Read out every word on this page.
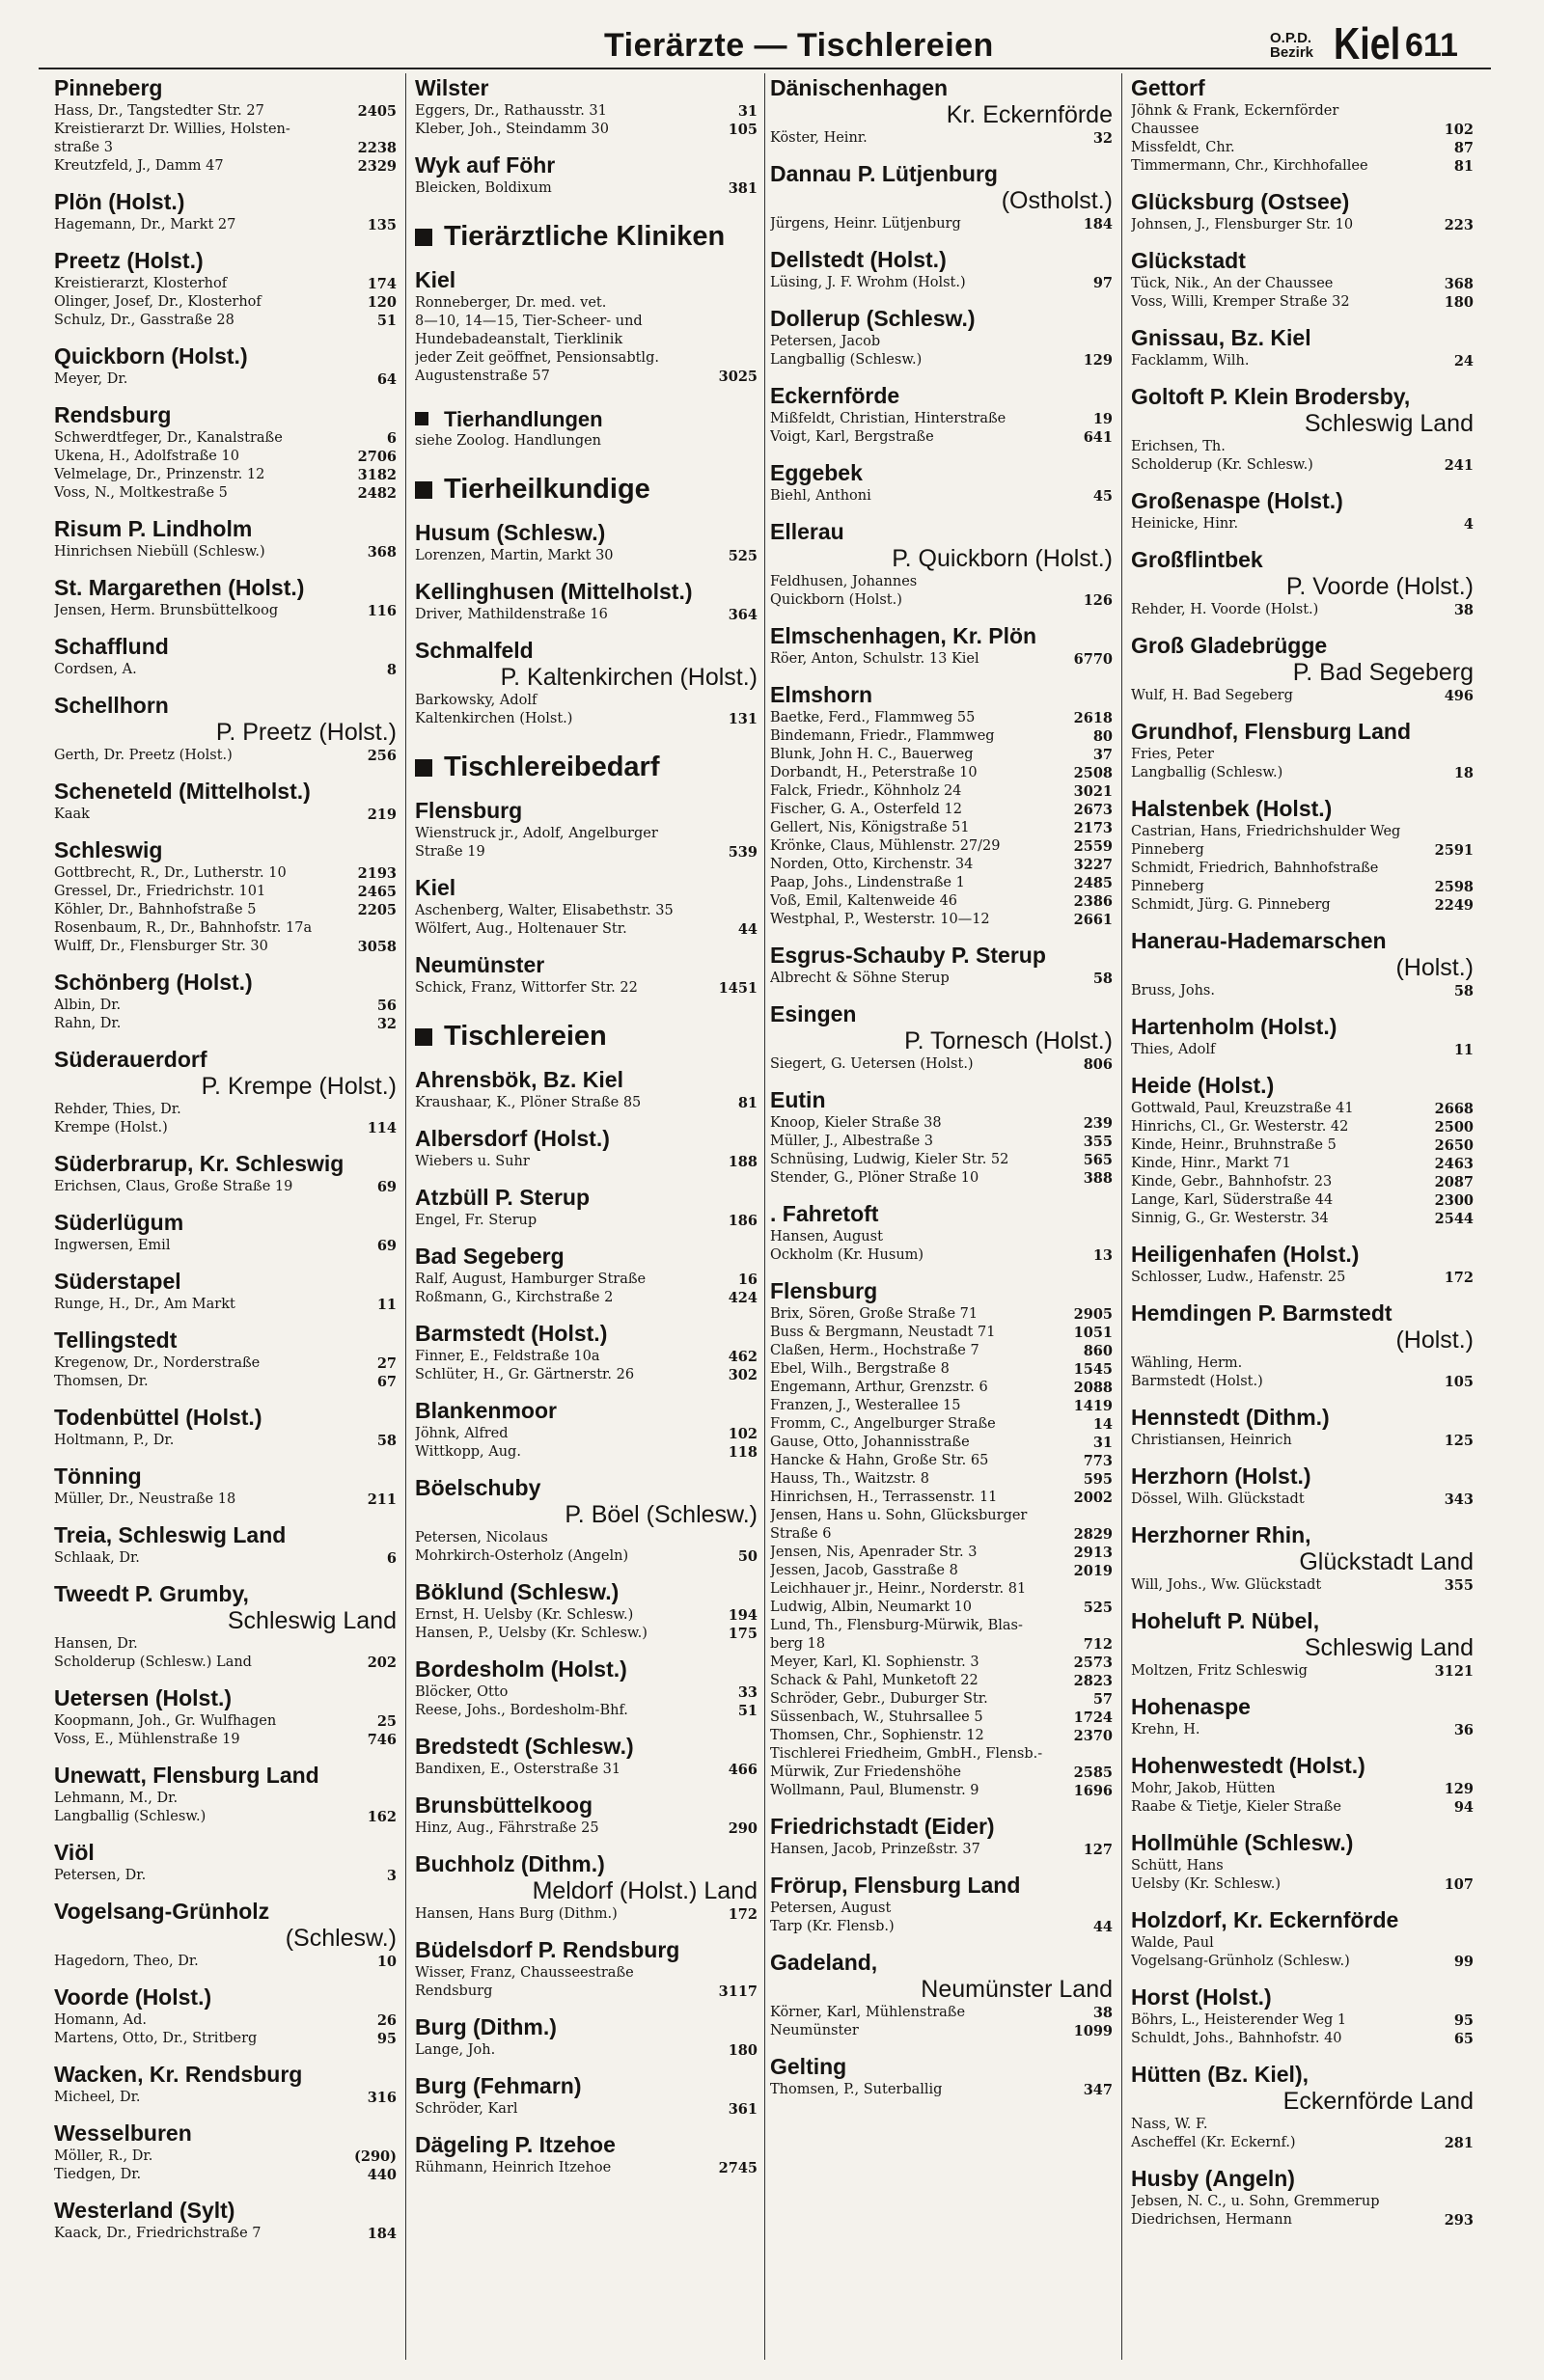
Tierärzte — Tischlereien	O.P.D.
Bezirk Kiel 611
Pinneberg
Hass, Dr., Tangstedter Str. 27	2405
Kreistierarzt Dr. Willies, Holsten-
straße 3	2238
Kreutzfeld, J., Damm 47	2329
Plön (Holst.)
Hagemann, Dr., Markt 27	135
Preetz (Holst.)
Kreistierarzt, Klosterhof	174
Olinger, Josef, Dr., Klosterhof	120
Schulz, Dr., Gasstraße 28	51
Quickborn (Holst.)
Meyer, Dr.	64
Rendsburg
Schwerdtfeger, Dr., Kanalstraße	6
Ukena, H., Adolfstraße 10	2706
Velmelage, Dr., Prinzenstr. 12	3182
Voss, N., Moltkestraße 5	2482
Risum P. Lindholm
Hinrichsen Niebüll (Schlesw.)	368
St. Margarethen (Holst.)
Jensen, Herm. Brunsbüttelkoog	116
Schafflund
Cordsen, A.	8
Schellhorn
P. Preetz (Holst.)
Gerth, Dr. Preetz (Holst.)	256
Scheneteld (Mittelholst.)
Kaak	219
Schleswig
Gottbrecht, R., Dr., Lutherstr. 10	2193
Gressel, Dr., Friedrichstr. 101	2465
Köhler, Dr., Bahnhofstraße 5	2205
Rosenbaum, R., Dr., Bahnhofstr. 17a
Wulff, Dr., Flensburger Str. 30	3058
Schönberg (Holst.)
Albin, Dr.	56
Rahn, Dr.	32
Süderauerdorf
P. Krempe (Holst.)
Rehder, Thies, Dr.
Krempe (Holst.)	114
Süderbrarup, Kr. Schleswig
Erichsen, Claus, Große Straße 19	69
Süderlügum
Ingwersen, Emil	69
Süderstapel
Runge, H., Dr., Am Markt	11
Tellingstedt
Kregenow, Dr., Norderstraße	27
Thomsen, Dr.	67
Todenbüttel (Holst.)
Holtmann, P., Dr.	58
Tönning
Müller, Dr., Neustraße 18	211
Treia, Schleswig Land
Schlaak, Dr.	6
Tweedt P. Grumby,
Schleswig Land
Hansen, Dr.
Scholderup (Schlesw.) Land	202
Uetersen (Holst.)
Koopmann, Joh., Gr. Wulfhagen	25
Voss, E., Mühlenstraße 19	746
Unewatt, Flensburg Land
Lehmann, M., Dr.
Langballig (Schlesw.)	162
Viöl
Petersen, Dr.	3
Vogelsang-Grünholz
(Schlesw.)
Hagedorn, Theo, Dr.	10
Voorde (Holst.)
Homann, Ad.	26
Martens, Otto, Dr., Stritberg	95
Wacken, Kr. Rendsburg
Micheel, Dr.	316
Wesselburen
Möller, R., Dr.	(290)
Tiedgen, Dr.	440
Westerland (Sylt)
Kaack, Dr., Friedrichstraße 7	184
Wilster
Eggers, Dr., Rathausstr. 31	31
Kleber, Joh., Steindamm 30	105
Wyk auf Föhr
Bleicken, Boldixum	381
Tierärztliche Kliniken
Kiel
Ronneberger, Dr. med. vet.
8—10, 14—15, Tier-Scheer- und
Hundebadeanstalt, Tierklinik
jeder Zeit geöffnet, Pensionsabtlg.
Augustenstraße 57	3025
Tierhandlungen
siehe Zoolog. Handlungen
Tierheilkundige
Husum (Schlesw.)
Lorenzen, Martin, Markt 30	525
Kellinghusen (Mittelholst.)
Driver, Mathildenstraße 16	364
Schmalfeld
P. Kaltenkirchen (Holst.)
Barkowsky, Adolf
Kaltenkirchen (Holst.)	131
Tischlereibedarf
Flensburg
Wienstruck jr., Adolf, Angelburger
Straße 19	539
Kiel
Aschenberg, Walter, Elisabethstr. 35
Wölfert, Aug., Holtenauer Str.	44
Neumünster
Schick, Franz, Wittorfer Str. 22	1451
Tischlereien
Ahrensbök, Bz. Kiel
Kraushaar, K., Plöner Straße 85	81
Albersdorf (Holst.)
Wiebers u. Suhr	188
Atzbüll P. Sterup
Engel, Fr. Sterup	186
Bad Segeberg
Ralf, August, Hamburger Straße	16
Roßmann, G., Kirchstraße 2	424
Barmstedt (Holst.)
Finner, E., Feldstraße 10a	462
Schlüter, H., Gr. Gärtnerstr. 26	302
Blankenmoor
Jöhnk, Alfred	102
Wittkopp, Aug.	118
Böelschuby
P. Böel (Schlesw.)
Petersen, Nicolaus
Mohrkirch-Osterholz (Angeln)	50
Böklund (Schlesw.)
Ernst, H. Uelsby (Kr. Schlesw.)	194
Hansen, P., Uelsby (Kr. Schlesw.)	175
Bordesholm (Holst.)
Blöcker, Otto	33
Reese, Johs., Bordesholm-Bhf.	51
Bredstedt (Schlesw.)
Bandixen, E., Osterstraße 31	466
Brunsbüttelkoog
Hinz, Aug., Fährstraße 25	290
Buchholz (Dithm.)
Meldorf (Holst.) Land
Hansen, Hans Burg (Dithm.)	172
Büdelsdorf P. Rendsburg
Wisser, Franz, Chausseestraße
Rendsburg	3117
Burg (Dithm.)
Lange, Joh.	180
Burg (Fehmarn)
Schröder, Karl	361
Dägeling P. Itzehoe
Rühmann, Heinrich Itzehoe	2745
Dänischenhagen
Kr. Eckernförde
Köster, Heinr.	32
Dannau P. Lütjenburg
(Ostholst.)
Jürgens, Heinr. Lütjenburg	184
Dellstedt (Holst.)
Lüsing, J. F. Wrohm (Holst.)	97
Dollerup (Schlesw.)
Petersen, Jacob
Langballig (Schlesw.)	129
Eckernförde
Mißfeldt, Christian, Hinterstraße	19
Voigt, Karl, Bergstraße	641
Eggebek
Biehl, Anthoni	45
Ellerau
P. Quickborn (Holst.)
Feldhusen, Johannes
Quickborn (Holst.)	126
Elmschenhagen, Kr. Plön
Röer, Anton, Schulstr. 13 Kiel	6770
Elmshorn
Baetke, Ferd., Flammweg 55	2618
Bindemann, Friedr., Flammweg	80
Blunk, John H. C., Bauerweg	37
Dorbandt, H., Peterstraße 10	2508
Falck, Friedr., Köhnholz 24	3021
Fischer, G. A., Osterfeld 12	2673
Gellert, Nis, Königstraße 51	2173
Krönke, Claus, Mühlenstr. 27/29	2559
Norden, Otto, Kirchenstr. 34	3227
Paap, Johs., Lindenstraße 1	2485
Voß, Emil, Kaltenweide 46	2386
Westphal, P., Westerstr. 10—12	2661
Esgrus-Schauby P. Sterup
Albrecht & Söhne Sterup	58
Esingen
P. Tornesch (Holst.)
Siegert, G. Uetersen (Holst.)	806
Eutin
Knoop, Kieler Straße 38	239
Müller, J., Albestraße 3	355
Schnüsing, Ludwig, Kieler Str. 52	565
Stender, G., Plöner Straße 10	388
. Fahretoft
Hansen, August
Ockholm (Kr. Husum)	13
Flensburg
Brix, Sören, Große Straße 71	2905
Buss & Bergmann, Neustadt 71	1051
Claßen, Herm., Hochstraße 7	860
Ebel, Wilh., Bergstraße 8	1545
Engemann, Arthur, Grenzstr. 6	2088
Franzen, J., Westerallee 15	1419
Fromm, C., Angelburger Straße	14
Gause, Otto, Johannisstraße	31
Hancke & Hahn, Große Str. 65	773
Hauss, Th., Waitzstr. 8	595
Hinrichsen, H., Terrassenstr. 11	2002
Jensen, Hans u. Sohn, Glücksburger
Straße 6	2829
Jensen, Nis, Apenrader Str. 3	2913
Jessen, Jacob, Gasstraße 8	2019
Leichhauer jr., Heinr., Norderstr. 81
Ludwig, Albin, Neumarkt 10	525
Lund, Th., Flensburg-Mürwik, Blas-
berg 18	712
Meyer, Karl, Kl. Sophienstr. 3	2573
Schack & Pahl, Munketoft 22	2823
Schröder, Gebr., Duburger Str.	57
Süssenbach, W., Stuhrsallee 5	1724
Thomsen, Chr., Sophienstr. 12	2370
Tischlerei Friedheim, GmbH., Flensb.-
Mürwik, Zur Friedenshöhe	2585
Wollmann, Paul, Blumenstr. 9	1696
Friedrichstadt (Eider)
Hansen, Jacob, Prinzeßstr. 37	127
Frörup, Flensburg Land
Petersen, August
Tarp (Kr. Flensb.)	44
Gadeland,
Neumünster Land
Körner, Karl, Mühlenstraße	38
Neumünster	1099
Gelting
Thomsen, P., Suterballig	347
Gettorf
Jöhnk & Frank, Eckernförder
Chaussee	102
Missfeldt, Chr.	87
Timmermann, Chr., Kirchhofallee	81
Glücksburg (Ostsee)
Johnsen, J., Flensburger Str. 10	223
Glückstadt
Tück, Nik., An der Chaussee	368
Voss, Willi, Kremper Straße 32	180
Gnissau, Bz. Kiel
Facklamm, Wilh.	24
Goltoft P. Klein Brodersby,
Schleswig Land
Erichsen, Th.
Scholderup (Kr. Schlesw.)	241
Großenaspe (Holst.)
Heinicke, Hinr.	4
Großflintbek
P. Voorde (Holst.)
Rehder, H. Voorde (Holst.)	38
Groß Gladebrügge
P. Bad Segeberg
Wulf, H. Bad Segeberg	496
Grundhof, Flensburg Land
Fries, Peter
Langballig (Schlesw.)	18
Halstenbek (Holst.)
Castrian, Hans, Friedrichshulder Weg
Pinneberg	2591
Schmidt, Friedrich, Bahnhofstraße
Pinneberg	2598
Schmidt, Jürg. G. Pinneberg	2249
Hanerau-Hademarschen
(Holst.)
Bruss, Johs.	58
Hartenholm (Holst.)
Thies, Adolf	11
Heide (Holst.)
Gottwald, Paul, Kreuzstraße 41	2668
Hinrichs, Cl., Gr. Westerstr. 42	2500
Kinde, Heinr., Bruhnstraße 5	2650
Kinde, Hinr., Markt 71	2463
Kinde, Gebr., Bahnhofstr. 23	2087
Lange, Karl, Süderstraße 44	2300
Sinnig, G., Gr. Westerstr. 34	2544
Heiligenhafen (Holst.)
Schlosser, Ludw., Hafenstr. 25	172
Hemdingen P. Barmstedt
(Holst.)
Wähling, Herm.
Barmstedt (Holst.)	105
Hennstedt (Dithm.)
Christiansen, Heinrich	125
Herzhorn (Holst.)
Dössel, Wilh. Glückstadt	343
Herzhorner Rhin,
Glückstadt Land
Will, Johs., Ww. Glückstadt	355
Hoheluft P. Nübel,
Schleswig Land
Moltzen, Fritz Schleswig	3121
Hohenaspe
Krehn, H.	36
Hohenwestedt (Holst.)
Mohr, Jakob, Hütten	129
Raabe & Tietje, Kieler Straße	94
Hollmühle (Schlesw.)
Schütt, Hans
Uelsby (Kr. Schlesw.)	107
Holzdorf, Kr. Eckernförde
Walde, Paul
Vogelsang-Grünholz (Schlesw.)	99
Horst (Holst.)
Böhrs, L., Heisterender Weg 1	95
Schuldt, Johs., Bahnhofstr. 40	65
Hütten (Bz. Kiel),
Eckernförde Land
Nass, W. F.
Ascheffel (Kr. Eckernf.)	281
Husby (Angeln)
Jebsen, N. C., u. Sohn, Gremmerup
Diedrichsen, Hermann	293
